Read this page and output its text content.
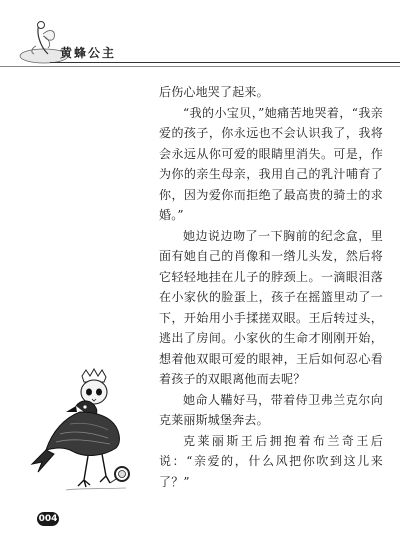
黄蜂公主

后伤心地哭了起来。

“我的小宝贝，”她痛苦地哭着，“我亲爱的孩子，你永远也不会认识我了，我将会永远从你可爱的眼睛里消失。可是，作为你的亲生母亲，我用自己的乳汁哺育了你，因为爱你而拒绝了最高贵的骑士的求婚。”

她边说边吻了一下胸前的纪念盒，里面有她自己的肖像和一绺儿头发，然后将它轻轻地挂在儿子的脖颈上。一滴眼泪落在小家伙的脸蛋上，孩子在摇篮里动了一下，开始用小手揉搓双眼。王后转过头，逃出了房间。小家伙的生命才刚刚开始，想着他双眼可爱的眼神，王后如何忍心看着孩子的双眼离他而去呢？

她命人鞴好马，带着侍卫弗兰克尔向克莱丽斯城堡奔去。

克莱丽斯王后拥抱着布兰奇王后说：“亲爱的，什么风把你吹到这儿来了？”

004
